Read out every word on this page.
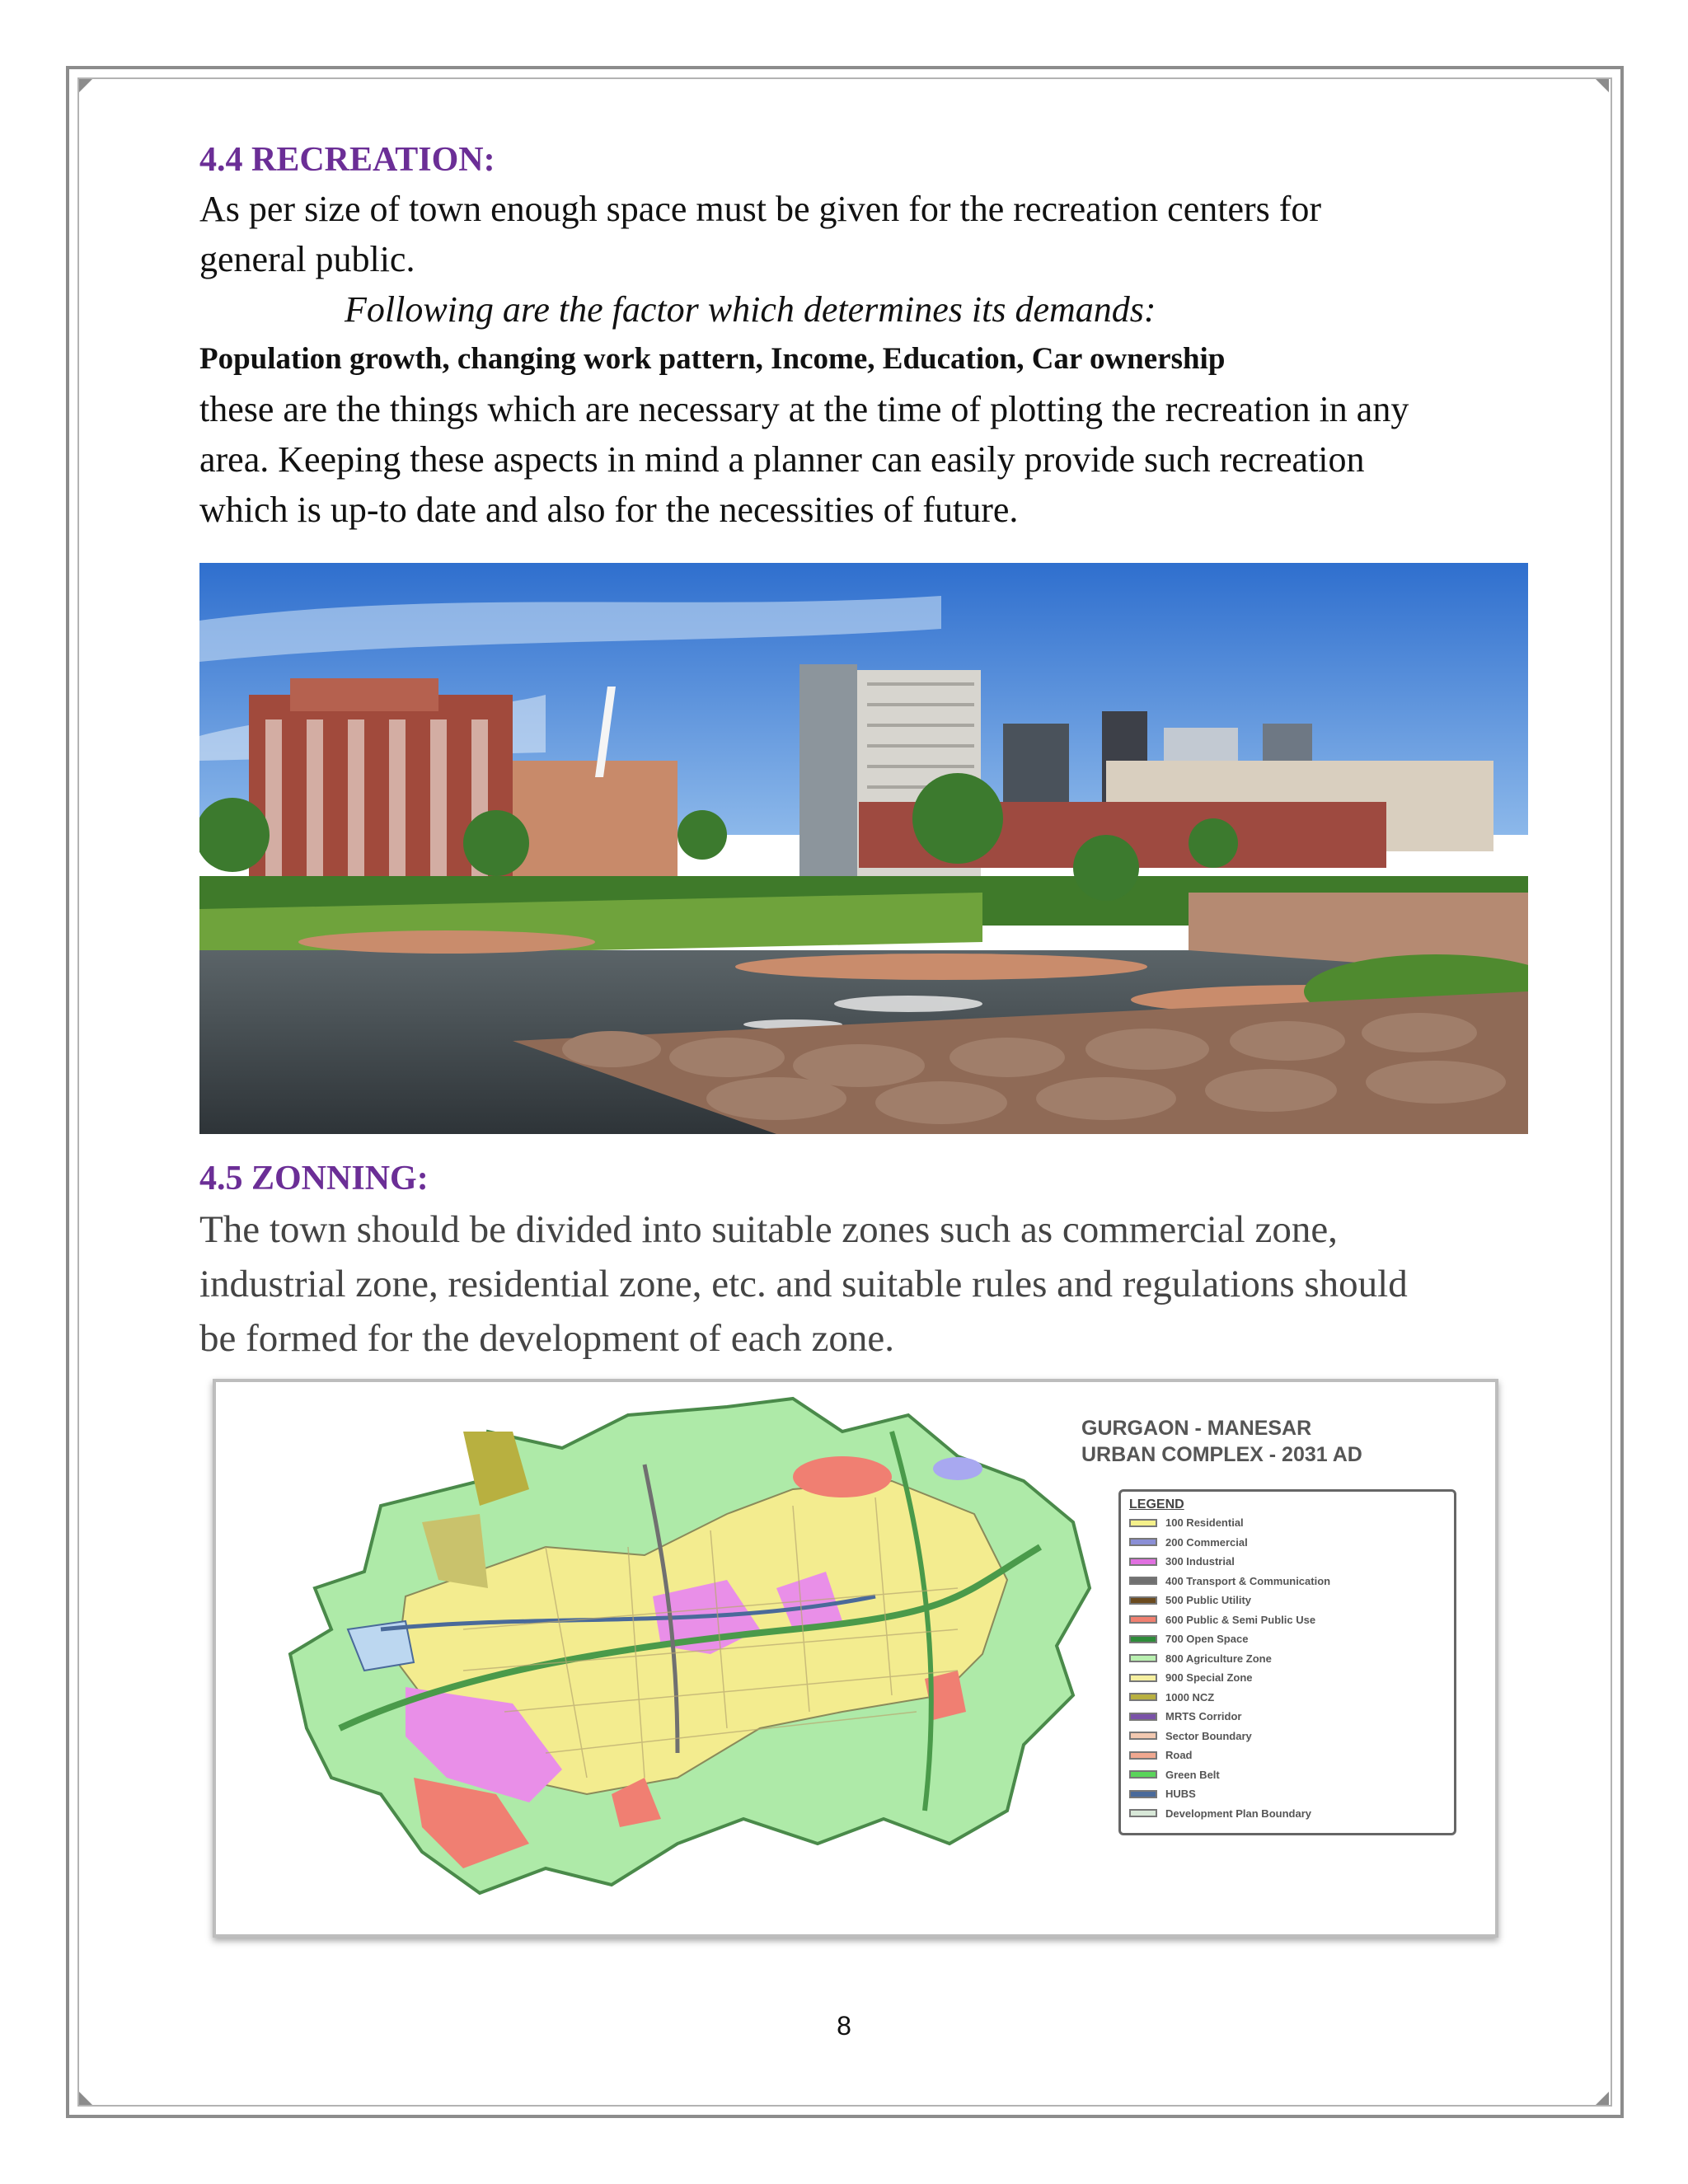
4.4 RECREATION:

As per size of town enough space must be given for the recreation centers for

general public.

Following are the factor which determines its demands:

Population growth, changing work pattern, Income, Education, Car ownership

these are the things which are necessary at the time of plotting the recreation in any

area. Keeping these aspects in mind a planner can easily provide such recreation

which is up-to date and also for the necessities of future.

4.5 ZONNING:

The town should be divided into suitable zones such as commercial zone,

industrial zone, residential zone, etc. and suitable rules and regulations should

be formed for the development of each zone.

GURGAON - MANESAR
URBAN COMPLEX - 2031 AD
LEGEND
100 Residential
200 Commercial
300 Industrial
400 Transport & Communication
500 Public Utility
600 Public & Semi Public Use
700 Open Space
800 Agriculture Zone
900 Special Zone
1000 NCZ
MRTS Corridor
Sector Boundary
Road
Green Belt
HUBS
Development Plan Boundary
8
